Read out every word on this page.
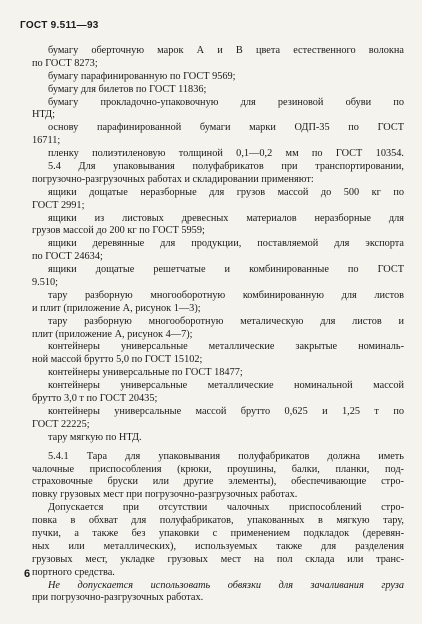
ГОСТ 9.511—93
бумагу оберточную марок А и В цвета естественного волокна
по ГОСТ 8273;
бумагу парафинированную по ГОСТ 9569;
бумагу для билетов по ГОСТ 11836;
бумагу прокладочно-упаковочную для резиновой обуви по
НТД;
основу парафинированной бумаги марки ОДП-35 по ГОСТ
16711;
пленку полиэтиленовую толщиной 0,1—0,2 мм по ГОСТ 10354.
5.4 Для упаковывания полуфабрикатов при транспортировании,
погрузочно-разгрузочных работах и складировании применяют:
ящики дощатые неразборные для грузов массой до 500 кг по
ГОСТ 2991;
ящики из листовых древесных материалов неразборные для
грузов массой до 200 кг по ГОСТ 5959;
ящики деревянные для продукции, поставляемой для экспорта
по ГОСТ 24634;
ящики дощатые решетчатые и комбинированные по ГОСТ
9.510;
тару разборную многооборотную комбинированную для листов
и плит (приложение А, рисунок 1—3);
тару разборную многооборотную металическую для листов и
плит (приложение А, рисунок 4—7);
контейнеры универсальные металлические закрытые номиналь-
ной массой брутто 5,0 по ГОСТ 15102;
контейнеры универсальные по ГОСТ 18477;
контейнеры универсальные металлические номинальной массой
брутто 3,0 т по ГОСТ 20435;
контейнеры универсальные массой брутто 0,625 и 1,25 т по
ГОСТ 22225;
тару мягкую по НТД.
5.4.1 Тара для упаковывания полуфабрикатов должна иметь
чалочные приспособления (крюки, проушины, балки, планки, под-
страховочные бруски или другие элементы), обеспечивающие стро-
повку грузовых мест при погрузочно-разгрузочных работах.
Допускается при отсутствии чалочных приспособлений стро-
повка в обхват для полуфабрикатов, упакованных в мягкую тару,
пучки, а также без упаковки с применением подкладок (деревян-
ных или металлических), используемых также для разделения
грузовых мест, укладке грузовых мест на пол склада или транс-
портного средства.
Не допускается использовать обвязки для зачаливания груза
при погрузочно-разгрузочных работах.
6
